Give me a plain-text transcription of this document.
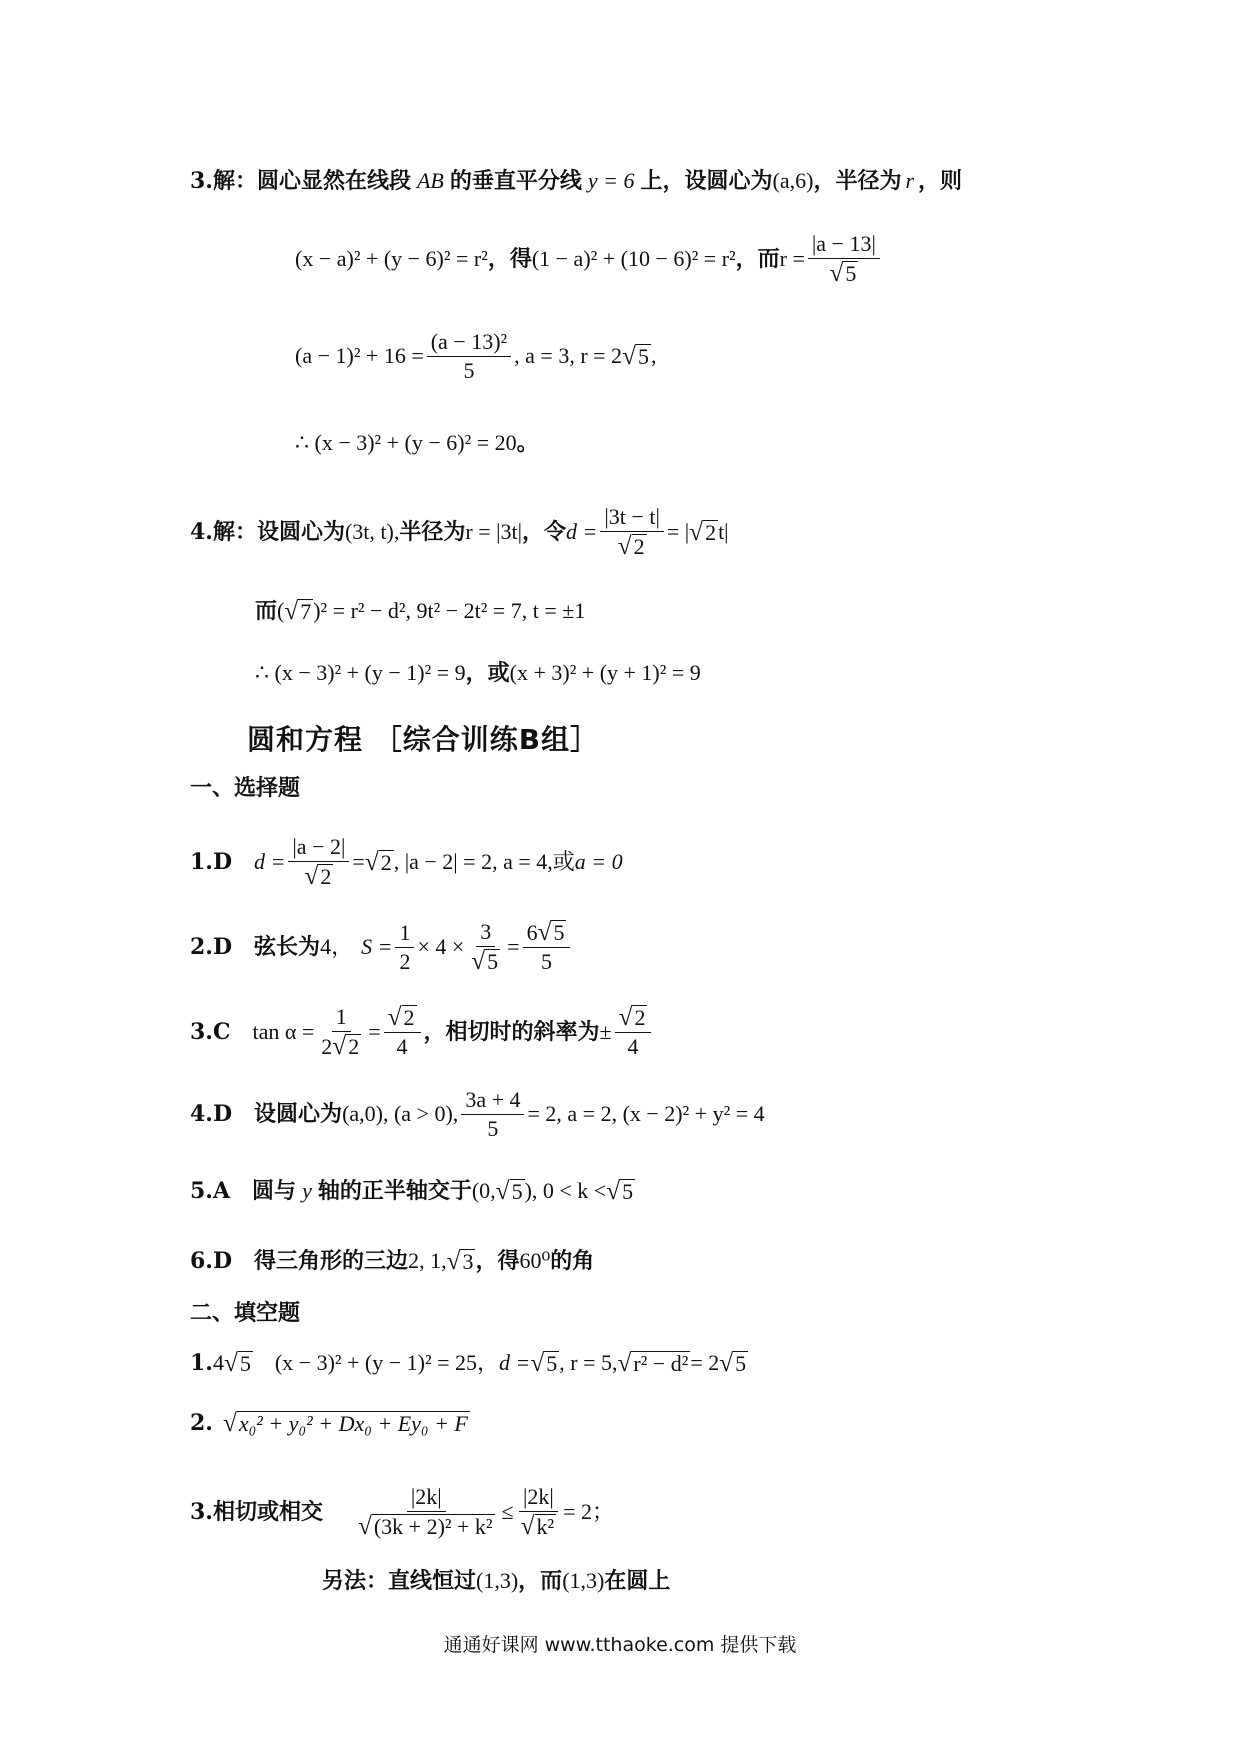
3.解：圆心显然在线段 AB 的垂直平分线 y = 6 上，设圆心为 (a,6) ，半径为 r ，则
(x − a)² + (y − 6)² = r² ，得 (1 − a)² + (10 − 6)² = r² ，而 $r = \frac{|a - 13|}{√ 5}$
$(a - 1)^2 + 16 = \frac{\text{(a − 13)²}}{5}$ , a = 3, r = 2 √ 5 ,
∴ (x − 3)² + (y − 6)² = 20 。
4.解：设圆心为 (3t, t), 半径为 r = |3t| ，令 $d = \frac{|3t - t|}{√ 2}$ = | √ 2 t|
而 ( √ 7 )² = r² − d², 9t² − 2t² = 7, t = ±1
∴ (x − 3)² + (y − 1)² = 9 ，或 (x + 3)² + (y + 1)² = 9
圆和方程 ［综合训练B组］
一、选择题
1.D $d = \frac{|a - 2|}{√ 2}$ = √ 2 , |a − 2| = 2, a = 4, 或 a = 0
2.D 弦长为 4， $S = \frac{1}{2} \times 4 \times \frac{3}{√ 5} = \frac{6 √ 5}{5}$
3.C $\tan \alpha = \frac{1}{2 √ 2} = \frac{√ 2}{4}$ ，相切时的斜率为 ± $\frac{√ 2}{4}$
4.D 设圆心为 (a,0), (a > 0), $\frac{3a + 4}{5} = 2$, a = 2, (x − 2)² + y² = 4
5.A 圆与 y 轴的正半轴交于 (0, √ 5 ), 0 < k < √ 5
6.D 得三角形的三边 2, 1, √ 3 ，得 60⁰ 的角
二、填空题
1. 4 √ 5 (x − 3)² + (y − 1)² = 25， d = √ 5 , r = 5, √ r² − d² = 2 √ 5
2. √ x₀² + y₀² + Dx₀ + Ey₀ + F
3.相切或相交 $\frac{|2k|}{\text{√ (3k + 2)² + k²}} \le \frac{|2k|}{\text{√ k²}} = 2$；
另法：直线恒过 (1,3) ，而 (1,3) 在圆上
通通好课网 www.tthaoke.com 提供下载
